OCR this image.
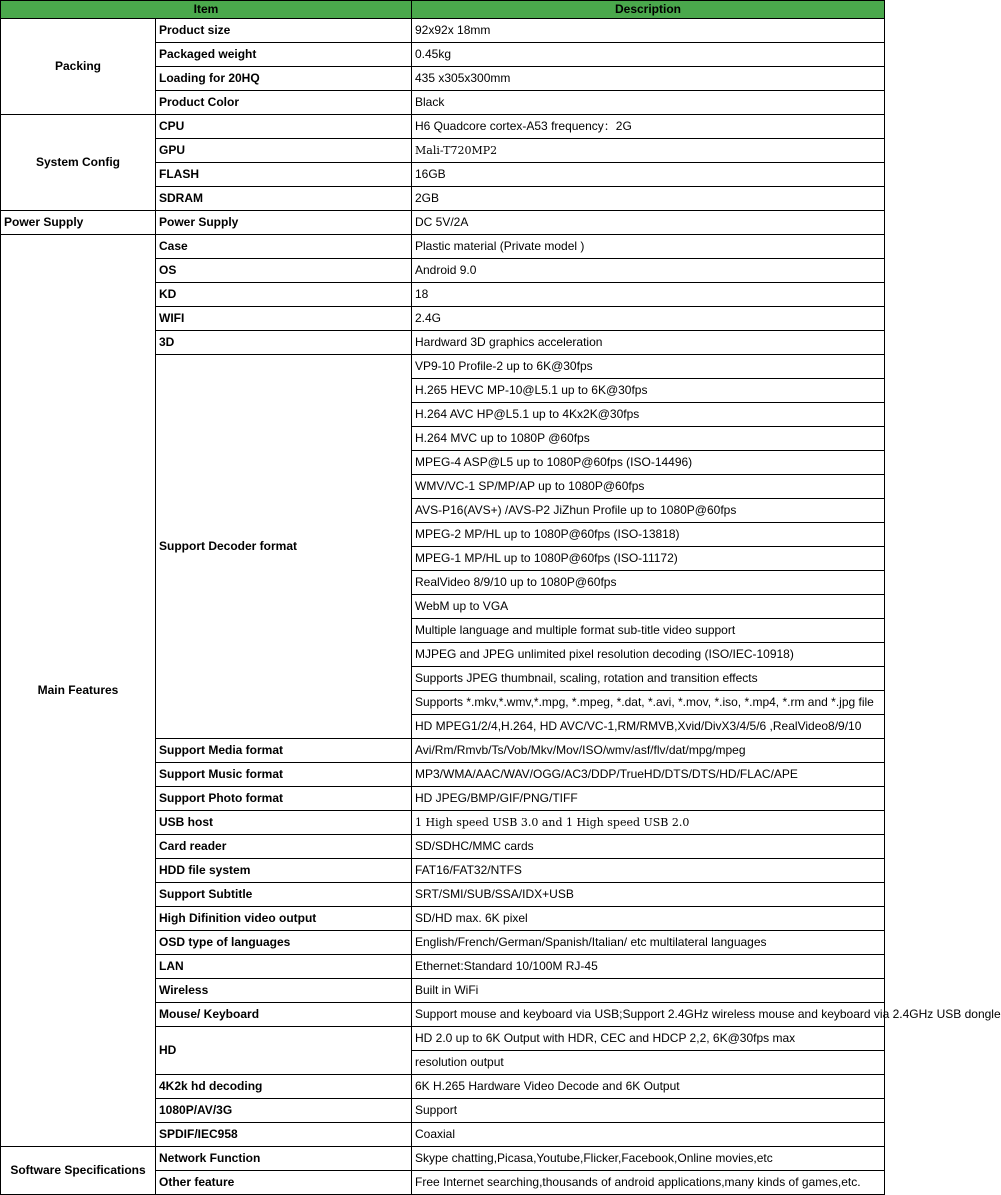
Item		Description
Packing	Product size	92x92x 18mm
	Packaged weight	0.45kg
	Loading for 20HQ	435 x305x300mm
	Product Color	Black
System Config	CPU	H6 Quadcore cortex-A53 frequency：2G
	GPU	Mali-T720MP2
	FLASH	16GB
	SDRAM	2GB
Power Supply	Power Supply	DC 5V/2A
Main Features	Case	Plastic material (Private model )
	OS	Android 9.0
	KD	18
	WIFI	2.4G
	3D	Hardward 3D graphics acceleration
	Support Decoder format	VP9-10 Profile-2 up to 6K@30fps
		H.265 HEVC MP-10@L5.1 up to 6K@30fps
		H.264 AVC HP@L5.1 up to 4Kx2K@30fps
		H.264 MVC up to 1080P @60fps
		MPEG-4 ASP@L5 up to 1080P@60fps (ISO-14496)
		WMV/VC-1 SP/MP/AP up to 1080P@60fps
		AVS-P16(AVS+) /AVS-P2 JiZhun Profile up to 1080P@60fps
		MPEG-2 MP/HL up to 1080P@60fps (ISO-13818)
		MPEG-1 MP/HL up to 1080P@60fps (ISO-11172)
		RealVideo 8/9/10 up to 1080P@60fps
		WebM up to VGA
		Multiple language and multiple format sub-title video support
		MJPEG and JPEG unlimited pixel resolution decoding (ISO/IEC-10918)
		Supports JPEG thumbnail, scaling, rotation and transition effects
		Supports *.mkv,*.wmv,*.mpg, *.mpeg, *.dat, *.avi, *.mov, *.iso, *.mp4, *.rm and *.jpg file
		HD MPEG1/2/4,H.264, HD AVC/VC-1,RM/RMVB,Xvid/DivX3/4/5/6 ,RealVideo8/9/10
	Support Media format	Avi/Rm/Rmvb/Ts/Vob/Mkv/Mov/ISO/wmv/asf/flv/dat/mpg/mpeg
	Support Music format	MP3/WMA/AAC/WAV/OGG/AC3/DDP/TrueHD/DTS/DTS/HD/FLAC/APE
	Support Photo format	HD JPEG/BMP/GIF/PNG/TIFF
	USB host	1 High speed USB 3.0 and 1 High speed USB 2.0
	Card reader	SD/SDHC/MMC cards
	HDD file system	FAT16/FAT32/NTFS
	Support Subtitle	SRT/SMI/SUB/SSA/IDX+USB
	High Difinition video output	SD/HD max. 6K pixel
	OSD type of languages	English/French/German/Spanish/Italian/ etc multilateral languages
	LAN	Ethernet:Standard 10/100M RJ-45
	Wireless	Built in WiFi
	Mouse/ Keyboard	Support mouse and keyboard via USB;Support 2.4GHz wireless mouse and keyboard via 2.4GHz USB dongle
	HD	HD 2.0 up to 6K Output with HDR, CEC and HDCP 2,2, 6K@30fps max
		resolution output
	4K2k hd decoding	6K H.265 Hardware Video Decode and 6K Output
	1080P/AV/3G	Support
	SPDIF/IEC958	Coaxial
Software Specifications	Network Function	Skype chatting,Picasa,Youtube,Flicker,Facebook,Online movies,etc
	Other feature	Free Internet searching,thousands of android applications,many kinds of games,etc.
